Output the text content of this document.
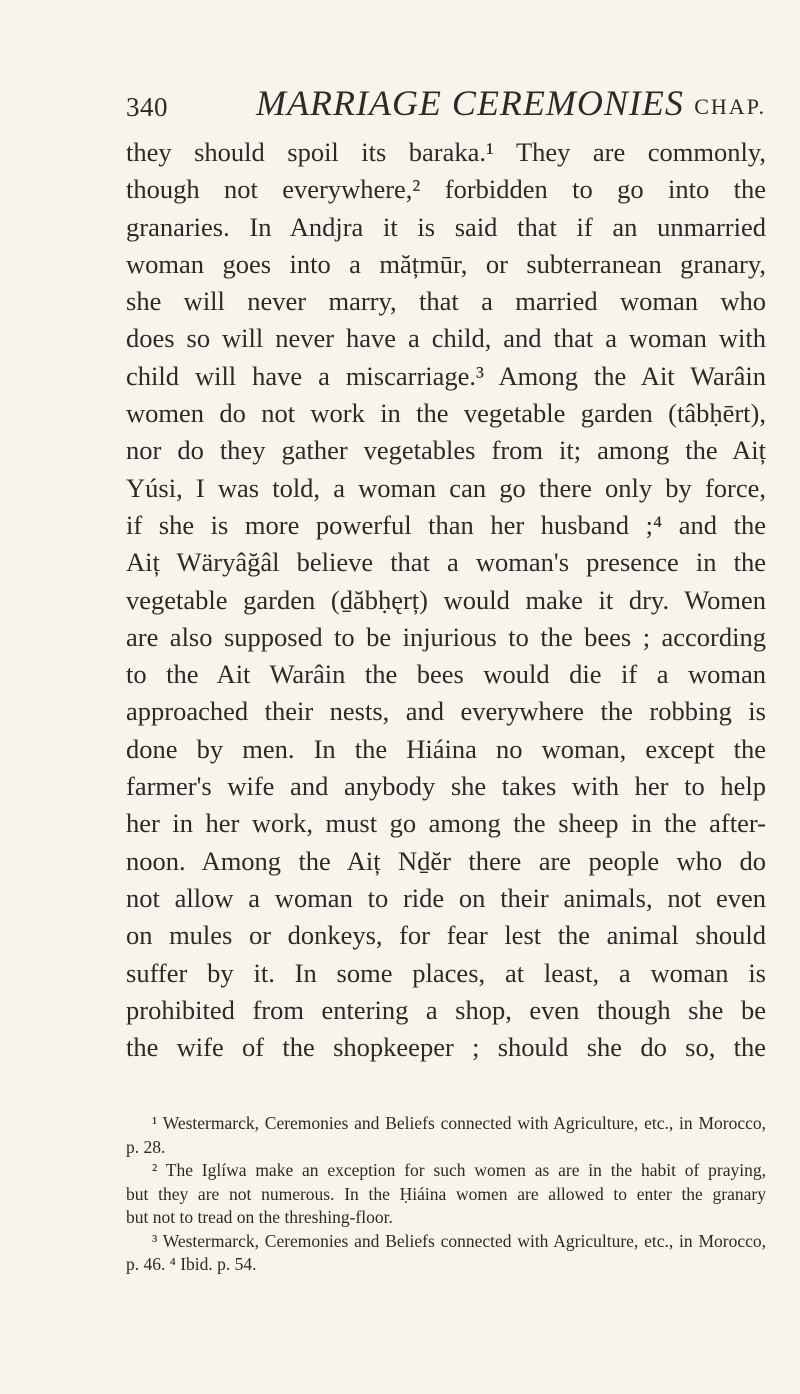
340 MARRIAGE CEREMONIES CHAP.
they should spoil its baraka.¹ They are commonly,
though not everywhere,² forbidden to go into the
granaries. In Andjra it is said that if an unmarried
woman goes into a mățmūr, or subterranean granary,
she will never marry, that a married woman who
does so will never have a child, and that a woman with
child will have a miscarriage.³ Among the Ait Warâin
women do not work in the vegetable garden (tâbḥērt),
nor do they gather vegetables from it; among the Aiț
Yúsi, I was told, a woman can go there only by force,
if she is more powerful than her husband ;⁴ and the
Aiț Wäryâğâl believe that a woman's presence in the
vegetable garden (ḏăbḥęrț) would make it dry. Women
are also supposed to be injurious to the bees ; according
to the Ait Warâin the bees would die if a woman
approached their nests, and everywhere the robbing is
done by men. In the Hiáina no woman, except the
farmer's wife and anybody she takes with her to help
her in her work, must go among the sheep in the after-
noon. Among the Aiț Nḏĕr there are people who do
not allow a woman to ride on their animals, not even
on mules or donkeys, for fear lest the animal should
suffer by it. In some places, at least, a woman is
prohibited from entering a shop, even though she be
the wife of the shopkeeper ; should she do so, the
¹ Westermarck, Ceremonies and Beliefs connected with Agriculture, etc., in Morocco,
p. 28.
² The Iglíwa make an exception for such women as are in the habit of praying,
but they are not numerous. In the Ḥiáina women are allowed to enter the granary
but not to tread on the threshing-floor.
³ Westermarck, Ceremonies and Beliefs connected with Agriculture, etc., in Morocco,
p. 46. ⁴ Ibid. p. 54.
